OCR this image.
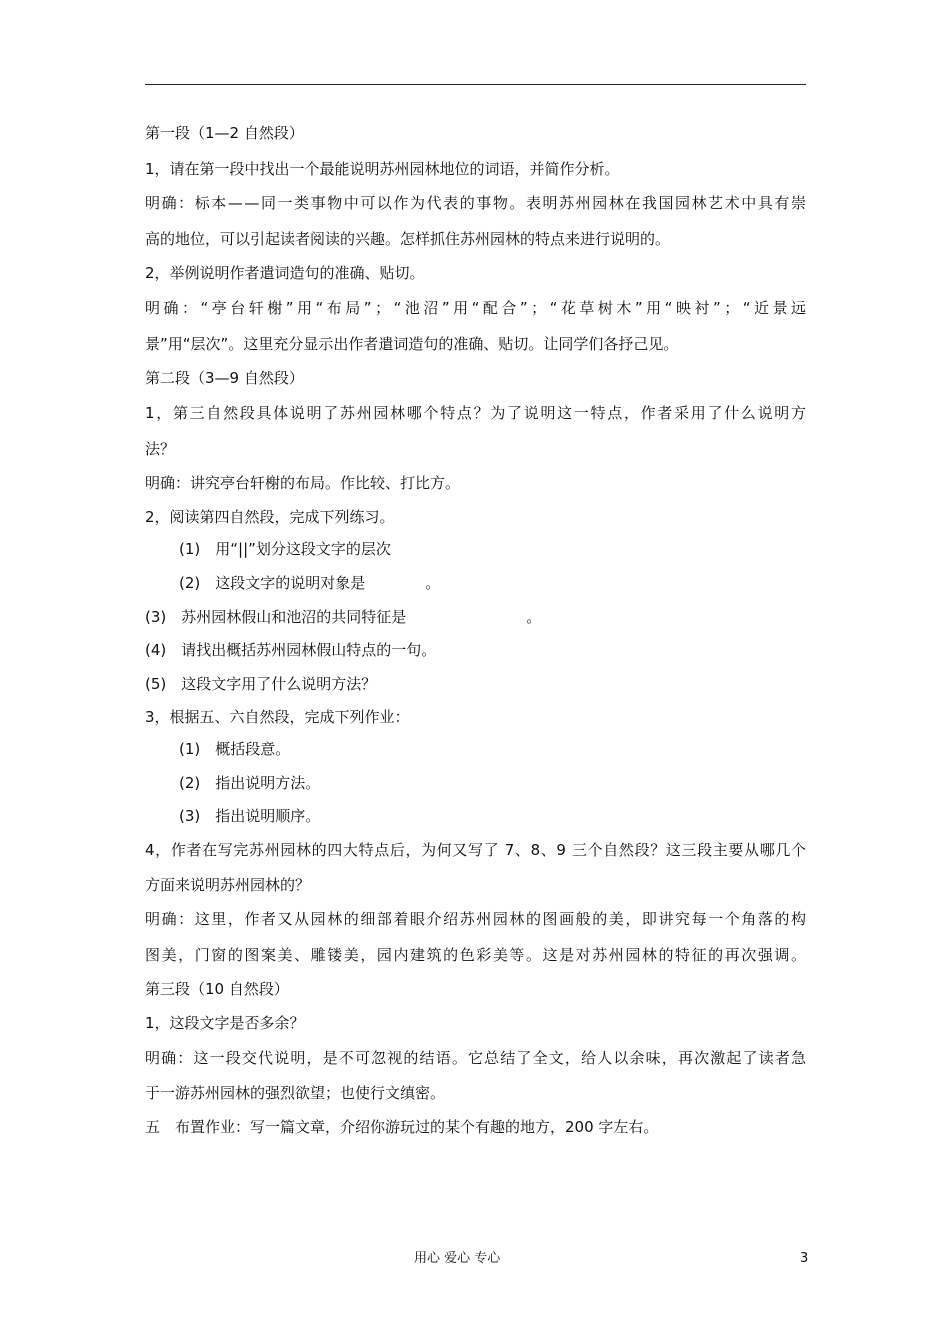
第一段（1—2 自然段）
1，请在第一段中找出一个最能说明苏州园林地位的词语，并简作分析。
明确：标本——同一类事物中可以作为代表的事物。表明苏州园林在我国园林艺术中具有崇
高的地位，可以引起读者阅读的兴趣。怎样抓住苏州园林的特点来进行说明的。
2，举例说明作者遣词造句的准确、贴切。
明确：“亭台轩榭”用“布局”；“池沼”用“配合”；“花草树木”用“映衬”；“近景远
景”用“层次”。这里充分显示出作者遣词造句的准确、贴切。让同学们各抒己见。
第二段（3—9 自然段）
1，第三自然段具体说明了苏州园林哪个特点？为了说明这一特点，作者采用了什么说明方
法？
明确：讲究亭台轩榭的布局。作比较、打比方。
2，阅读第四自然段，完成下列练习。
(1)　用“||”划分这段文字的层次
(2)　这段文字的说明对象是　　　　。
(3)　苏州园林假山和池沼的共同特征是　　　　　　　　。
(4)　请找出概括苏州园林假山特点的一句。
(5)　这段文字用了什么说明方法？
3，根据五、六自然段，完成下列作业：
(1)　概括段意。
(2)　指出说明方法。
(3)　指出说明顺序。
4，作者在写完苏州园林的四大特点后，为何又写了 7、8、9 三个自然段？这三段主要从哪几个
方面来说明苏州园林的？
明确：这里，作者又从园林的细部着眼介绍苏州园林的图画般的美，即讲究每一个角落的构
图美，门窗的图案美、雕镂美，园内建筑的色彩美等。这是对苏州园林的特征的再次强调。
第三段（10 自然段）
1，这段文字是否多余？
明确：这一段交代说明，是不可忽视的结语。它总结了全文，给人以余味，再次激起了读者急
于一游苏州园林的强烈欲望；也使行文缜密。
五　布置作业：写一篇文章，介绍你游玩过的某个有趣的地方，200 字左右。
用心 爱心 专心	3
